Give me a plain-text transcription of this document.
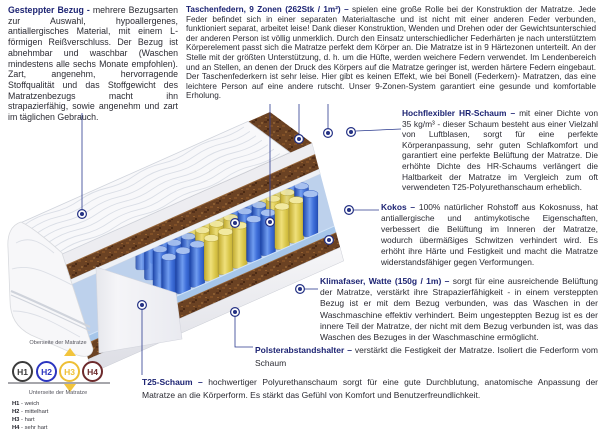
Gesteppter Bezug - mehrere Bezugsarten zur Auswahl, hypoallergenes, antiallergisches Material, mit einem L-förmigen Reißverschluss. Der Bezug ist abnehmbar und waschbar (Waschen mindestens alle sechs Monate empfohlen). Zart, angenehm, hervorragende Stoffqualität und das Stoffgewicht des Matratzenbezugs macht ihn strapazierfähig, sowie angenehm und zart im täglichen Gebrauch.
Taschenfedern, 9 Zonen (262Stk / 1m²) – spielen eine große Rolle bei der Konstruktion der Matratze. Jede Feder befindet sich in einer separaten Materialtasche und ist nicht mit einer anderen Feder verbunden, funktioniert separat, arbeitet leise! Dank dieser Konstruktion, Wenden und Drehen oder der Gewichtsunterschied der anderen Person ist völlig unmerklich. Durch den Einsatz unterschiedlicher Federhärten je nach unterstütztem Körperelement passt sich die Matratze perfekt dem Körper an. Die Matratze ist in 9 Härtezonen unterteilt. An der Stelle mit der größten Unterstützung, d. h. um die Hüfte, werden weichere Federn verwendet. Im Lendenbereich und an Stellen, an denen der Druck des Körpers auf die Matratze geringer ist, werden härtere Federn eingebaut. Der Taschenfederkern ist sehr leise. Hier gibt es keinen Effekt, wie bei Bonell (Federkern)- Matratzen, das eine leichtere Person auf eine andere rutscht. Unser 9-Zonen-System garantiert eine gesunde und komfortable Erholung.
Hochflexibler HR-Schaum – mit einer Dichte von 35 kg/m³ - dieser Schaum besteht aus einer Vielzahl von Luftblasen, sorgt für eine perfekte Körperanpassung, sehr guten Schlafkomfort und garantiert eine perfekte Belüftung der Matratze. Die erhöhte Dichte des HR-Schaums verlängert die Haltbarkeit der Matratze im Vergleich zum oft verwendeten T25-Polyurethanschaum erheblich.
Kokos – 100% natürlicher Rohstoff aus Kokosnuss, hat antiallergische und antimykotische Eigenschaften, verbessert die Belüftung im Inneren der Matratze, wodurch übermäßiges Schwitzen verhindert wird. Es erhöht ihre Härte und Festigkeit und macht die Matratze widerstandsfähiger gegen Verformungen.
Klimafaser, Watte (150g / 1m) – sorgt für eine ausreichende Belüftung der Matratze, verstärkt ihre Strapazierfähigkeit - in einem versteppten Bezug ist er mit dem Bezug verbunden, was das Waschen in der Waschmaschine effektiv verhindert. Beim ungesteppten Bezug ist es der innere Teil der Matratze, der nicht mit dem Bezug verbunden ist, was das Waschen des Bezuges in der Waschmaschine ermöglicht.
Polsterabstandshalter – verstärkt die Festigkeit der Matratze. Isoliert die Federform vom Schaum
T25-Schaum – hochwertiger Polyurethanschaum sorgt für eine gute Durchblutung, anatomische Anpassung der Matratze an die Körperform. Es stärkt das Gefühl von Komfort und Benutzerfreundlichkeit.
Oberseite der Matratze
H1 H2 H3 H4
Unterseite der Matratze
H1 - weich
H2 - mittelhart
H3 - hart
H4 - sehr hart
